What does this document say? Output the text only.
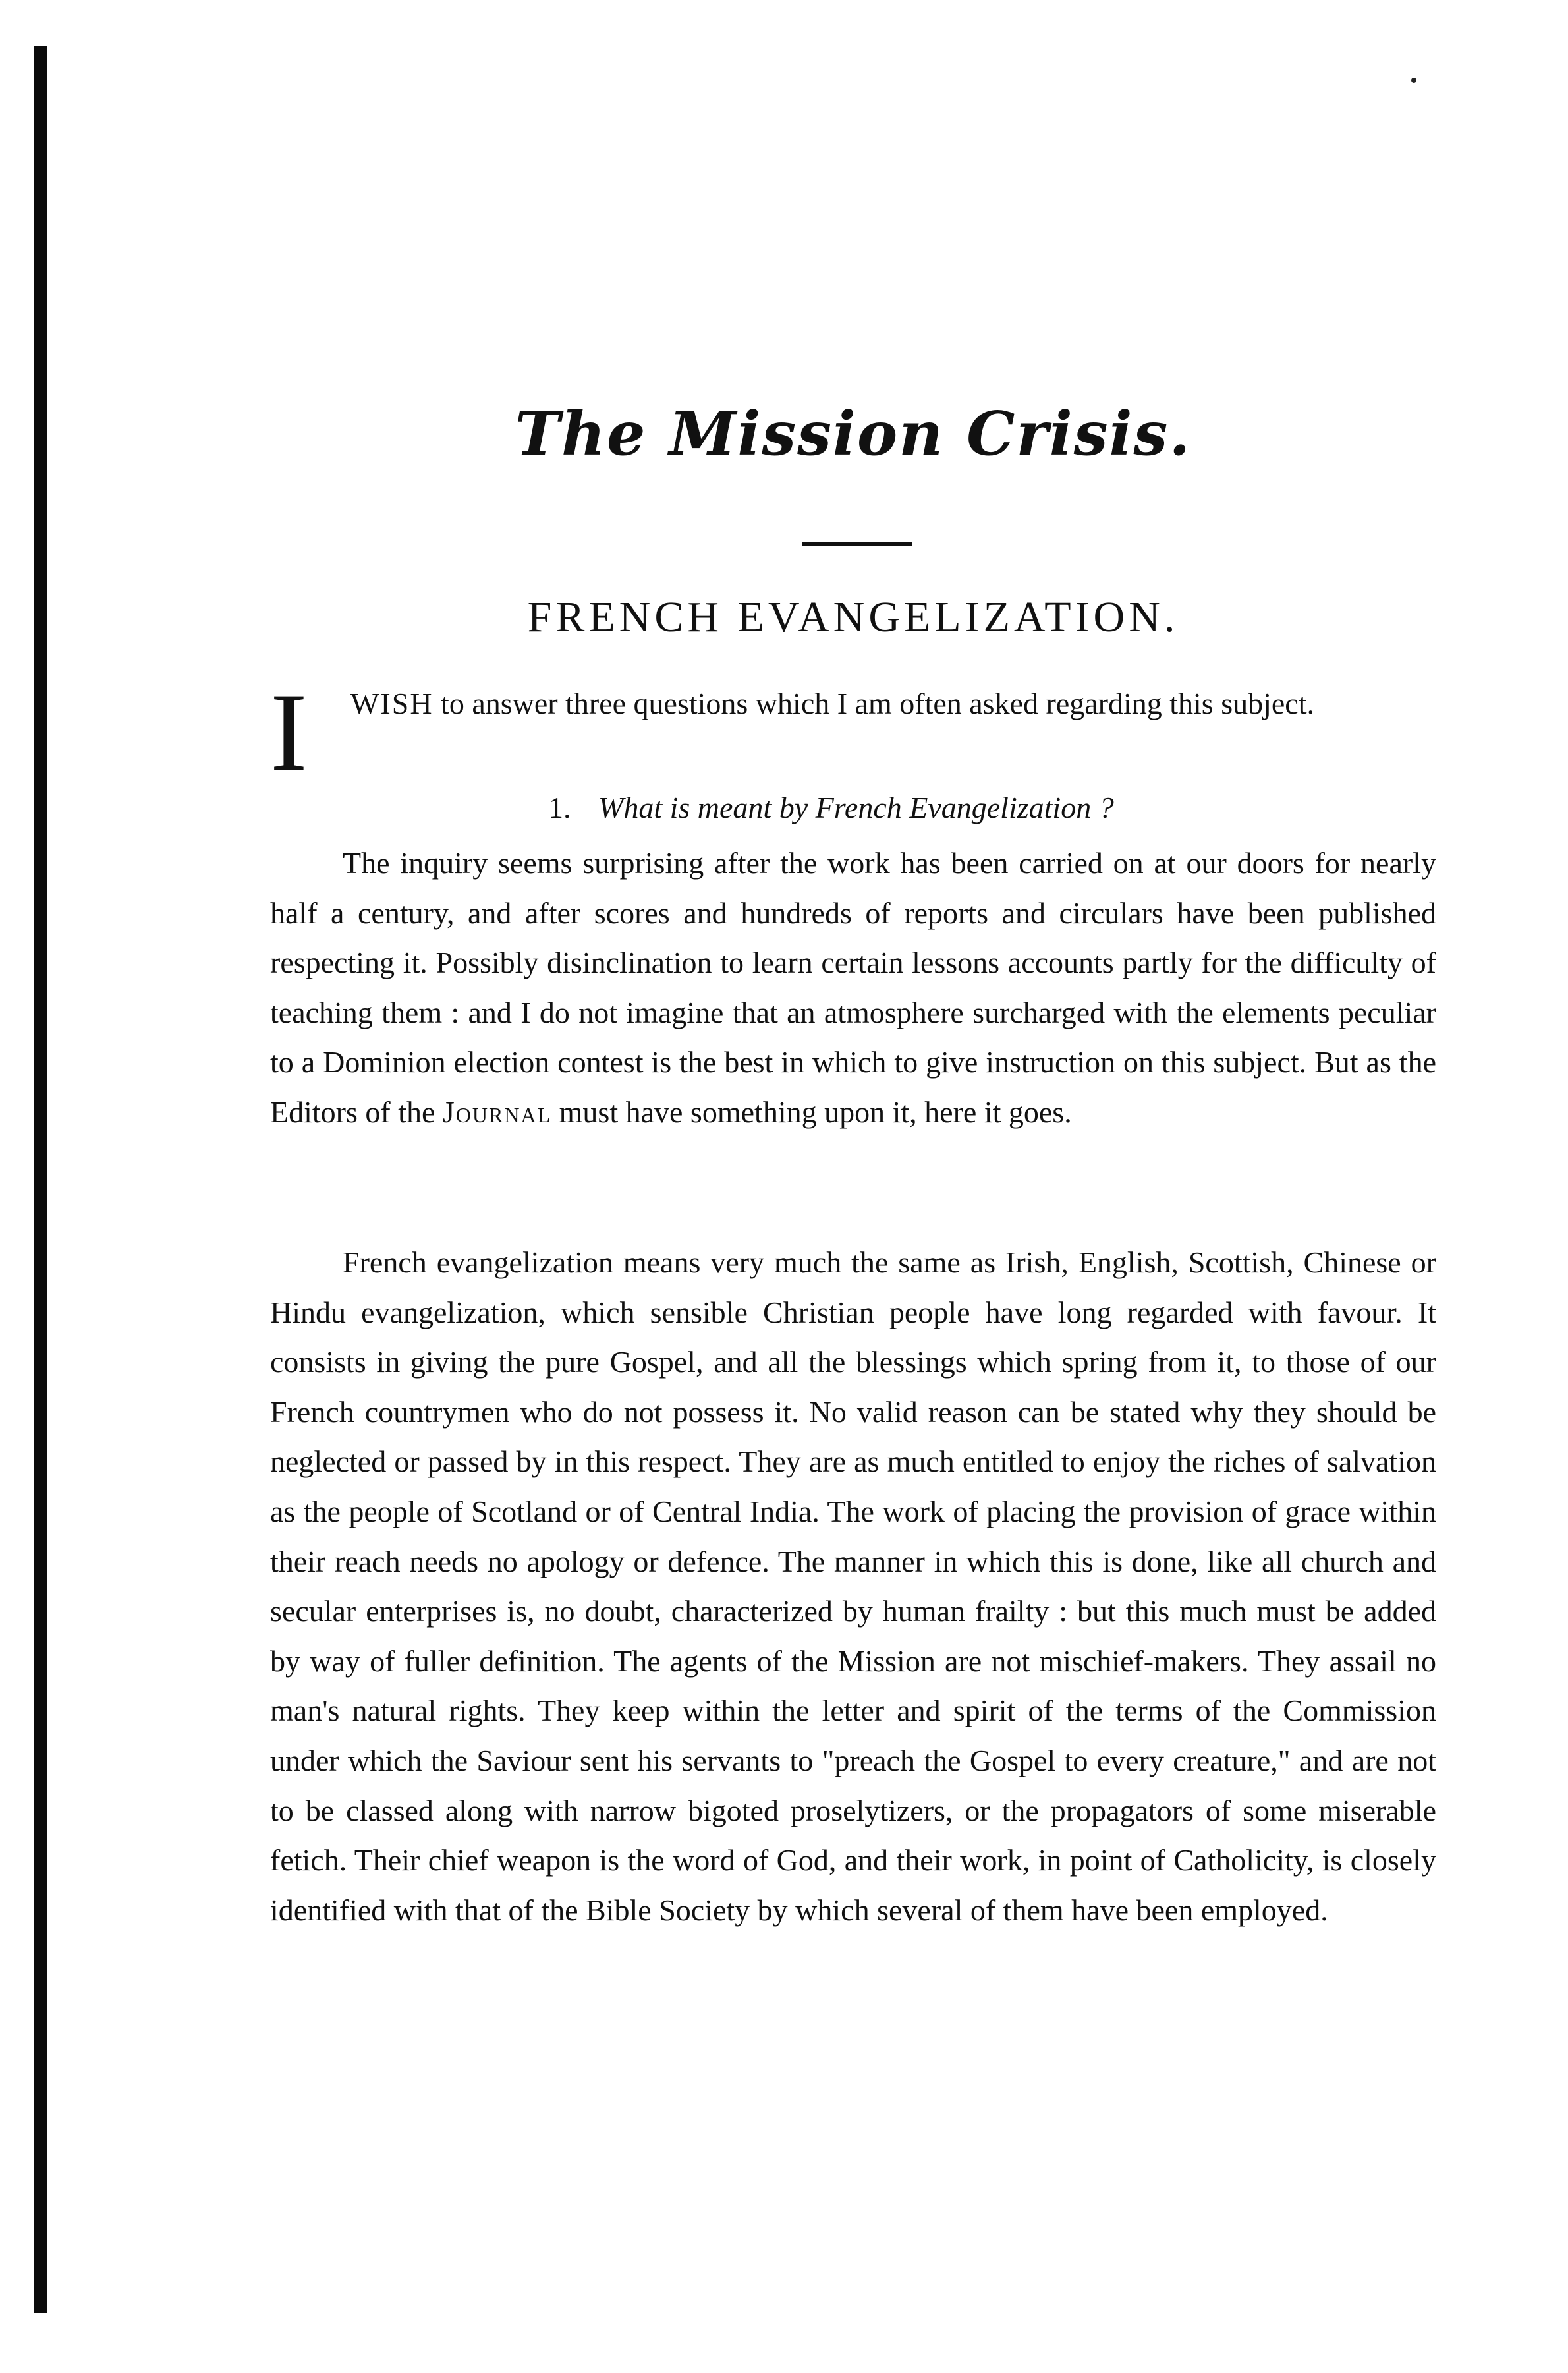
The Mission Crisis.
FRENCH EVANGELIZATION.
I WISH to answer three questions which I am often asked regarding this subject.
1. What is meant by French Evangelization ?

The inquiry seems surprising after the work has been carried on at our doors for nearly half a century, and after scores and hundreds of reports and circulars have been published respecting it. Possibly disinclination to learn certain lessons accounts partly for the difficulty of teaching them : and I do not imagine that an atmosphere surcharged with the elements peculiar to a Dominion election contest is the best in which to give instruction on this subject. But as the Editors of the Journal must have something upon it, here it goes.

French evangelization means very much the same as Irish, English, Scottish, Chinese or Hindu evangelization, which sensible Christian people have long regarded with favour. It consists in giving the pure Gospel, and all the blessings which spring from it, to those of our French countrymen who do not possess it. No valid reason can be stated why they should be neglected or passed by in this respect. They are as much entitled to enjoy the riches of salvation as the people of Scotland or of Central India. The work of placing the provision of grace within their reach needs no apology or defence. The manner in which this is done, like all church and secular enterprises is, no doubt, characterized by human frailty : but this much must be added by way of fuller definition. The agents of the Mission are not mischief-makers. They assail no man's natural rights. They keep within the letter and spirit of the terms of the Commission under which the Saviour sent his servants to "preach the Gospel to every creature," and are not to be classed along with narrow bigoted proselytizers, or the propagators of some miserable fetich. Their chief weapon is the word of God, and their work, in point of Catholicity, is closely identified with that of the Bible Society by which several of them have been employed.
